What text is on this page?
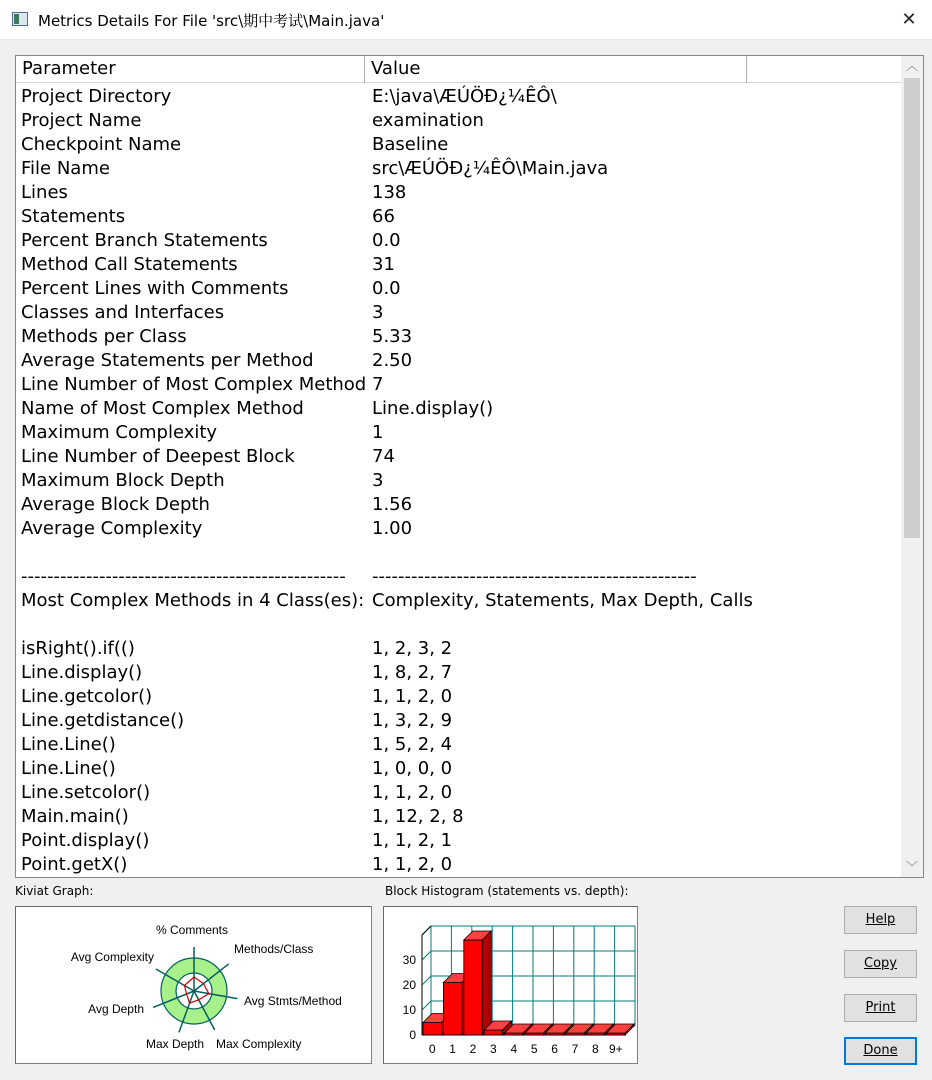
Metrics Details For File 'src\期中考试\Main.java'	✕
Parameter	Value
Project Directory	E:\java\ÆÚÖÐ¿¼ÊÔ\
Project Name	examination
Checkpoint Name	Baseline
File Name	src\ÆÚÖÐ¿¼ÊÔ\Main.java
Lines	138
Statements	66
Percent Branch Statements	0.0
Method Call Statements	31
Percent Lines with Comments	0.0
Classes and Interfaces	3
Methods per Class	5.33
Average Statements per Method	2.50
Line Number of Most Complex Method 7
Name of Most Complex Method	Line.display()
Maximum Complexity	1
Line Number of Deepest Block	74
Maximum Block Depth	3
Average Block Depth	1.56
Average Complexity	1.00
-------------------------------------------------- --------------------------------------------------
Most Complex Methods in 4 Class(es): Complexity, Statements, Max Depth, Calls
isRight().if(()	1, 2, 3, 2
Line.display()	1, 8, 2, 7
Line.getcolor()	1, 1, 2, 0
Line.getdistance()	1, 3, 2, 9
Line.Line()	1, 5, 2, 4
Line.Line()	1, 0, 0, 0
Line.setcolor()	1, 1, 2, 0
Main.main()	1, 12, 2, 8
Point.display()	1, 1, 2, 1
Point.getX()	1, 1, 2, 0
︿
﹀
Kiviat Graph:	Block Histogram (statements vs. depth):
% Comments
Methods/Class
Avg Stmts/Method
Max Complexity
Max Depth
Avg Depth
Avg Complexity
0
10
20
30
0 1 2 3 4 5 6 7 8 9+
Help
Copy
Print
Done
